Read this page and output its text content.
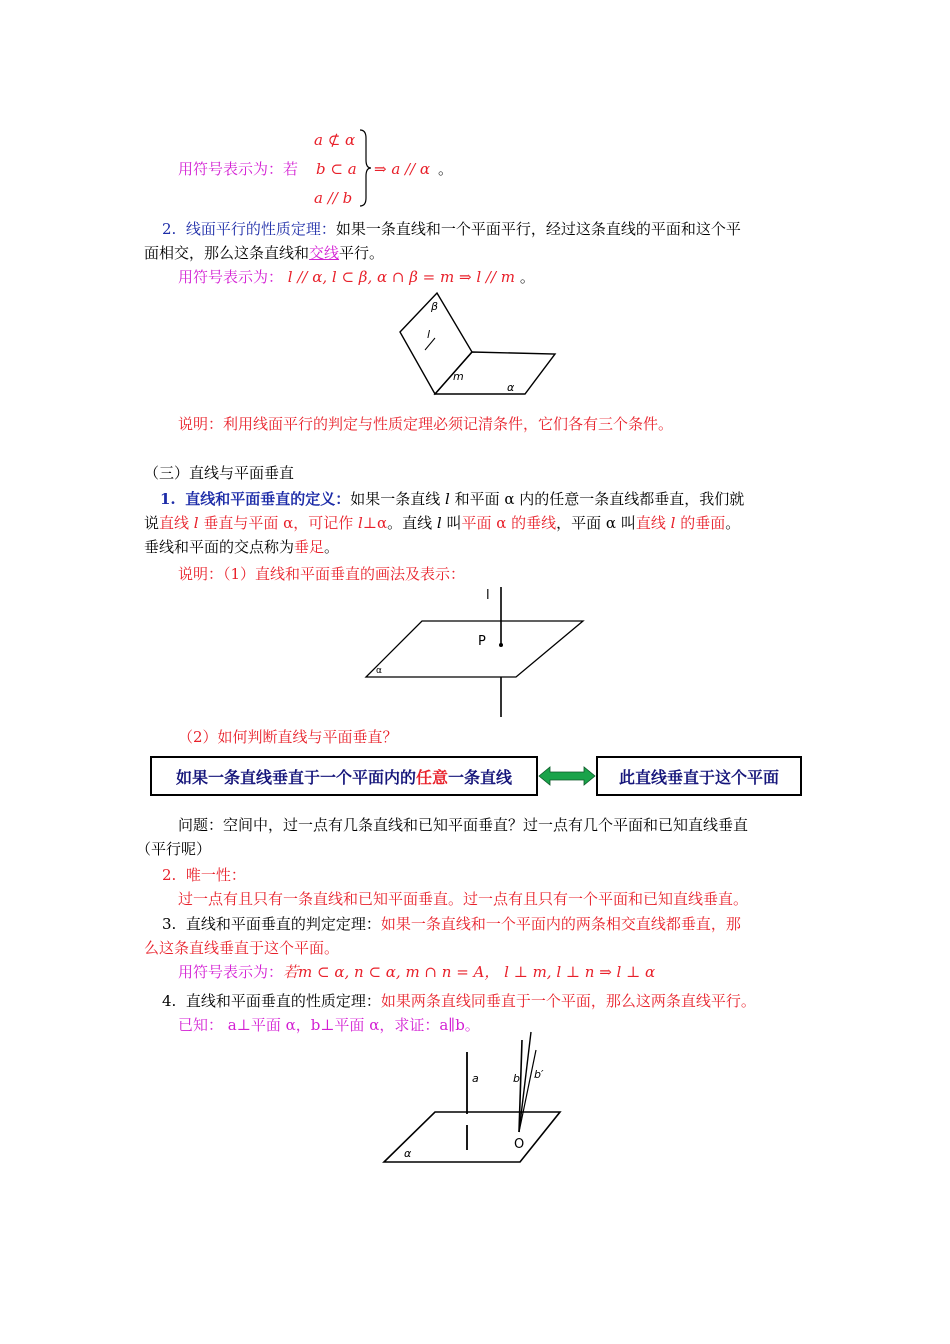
a ⊄ α
用符号表示为：若 b ⊂ a
a // b
⇒ a // α 。
2. 线面平行的性质定理：如果一条直线和一个平面平行，经过这条直线的平面和这个平
面相交，那么这条直线和交线平行。
用符号表示为： l // α, l ⊂ β, α ∩ β = m ⇒ l // m 。
β
l
m
α
说明：利用线面平行的判定与性质定理必须记清条件，它们各有三个条件。
（三）直线与平面垂直
1. 直线和平面垂直的定义：如果一条直线 l 和平面 α 内的任意一条直线都垂直，我们就
说直线 l 垂直与平面 α，可记作 l⊥α。直线 l 叫平面 α 的垂线，平面 α 叫直线 l 的垂面。
垂线和平面的交点称为垂足。
说明：（1）直线和平面垂直的画法及表示：
l
P
α
（2）如何判断直线与平面垂直？
如果一条直线垂直于一个平面内的 任意 一条直线	此直线垂直于这个平面
问题：空间中，过一点有几条直线和已知平面垂直？过一点有几个平面和已知直线垂直
（平行呢）
2. 唯一性：
过一点有且只有一条直线和已知平面垂直。过一点有且只有一个平面和已知直线垂直。
3. 直线和平面垂直的判定定理：如果一条直线和一个平面内的两条相交直线都垂直，那
么这条直线垂直于这个平面。
用符号表示为：若m ⊂ α, n ⊂ α, m ∩ n = A， l ⊥ m, l ⊥ n ⇒ l ⊥ α
4. 直线和平面垂直的性质定理：如果两条直线同垂直于一个平面，那么这两条直线平行。
已知： a⊥平面 α，b⊥平面 α，求证：a∥b。
a	b b′
O
α
